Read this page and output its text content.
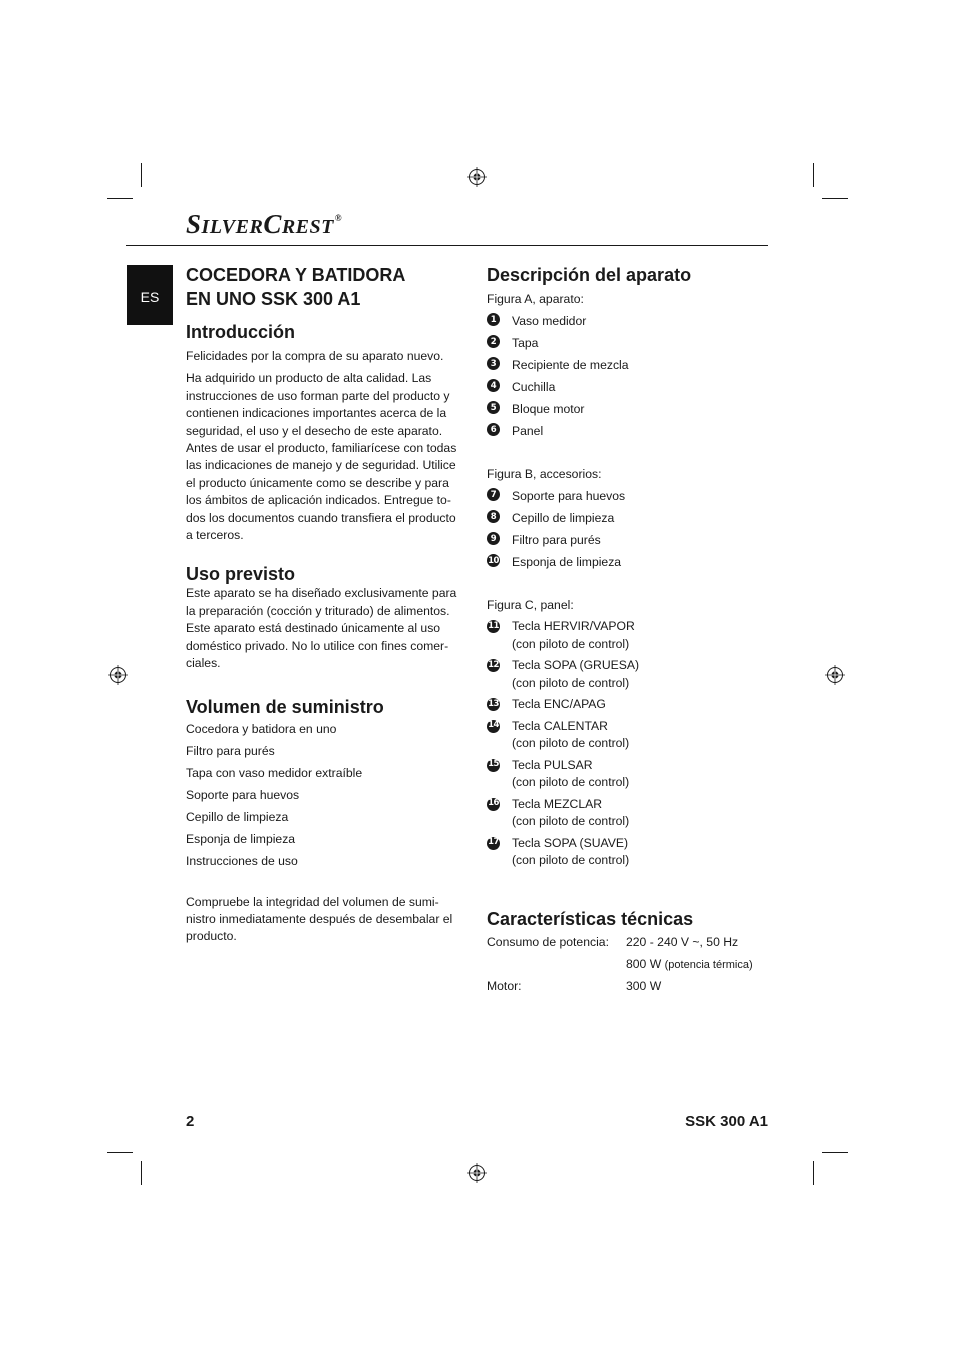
SILVERCREST®
ES
COCEDORA Y BATIDORA
EN UNO SSK 300 A1
Introducción
Felicidades por la compra de su aparato nuevo.
Ha adquirido un producto de alta calidad. Las
instrucciones de uso forman parte del producto y
contienen indicaciones importantes acerca de la
seguridad, el uso y el desecho de este aparato.
Antes de usar el producto, familiarícese con todas
las indicaciones de manejo y de seguridad. Utilice
el producto únicamente como se describe y para
los ámbitos de aplicación indicados. Entregue to-
dos los documentos cuando transfiera el producto
a terceros.
Uso previsto
Este aparato se ha diseñado exclusivamente para
la preparación (cocción y triturado) de alimentos.
Este aparato está destinado únicamente al uso
doméstico privado. No lo utilice con fines comer-
ciales.
Volumen de suministro
Cocedora y batidora en uno
Filtro para purés
Tapa con vaso medidor extraíble
Soporte para huevos
Cepillo de limpieza
Esponja de limpieza
Instrucciones de uso
Compruebe la integridad del volumen de sumi-
nistro inmediatamente después de desembalar el
producto.
Descripción del aparato
Figura A, aparato:
1	Vaso medidor
2	Tapa
3	Recipiente de mezcla
4	Cuchilla
5	Bloque motor
6	Panel
Figura B, accesorios:
7	Soporte para huevos
8	Cepillo de limpieza
9	Filtro para purés
10 Esponja de limpieza
Figura C, panel:
11 Tecla HERVIR/VAPOR
(con piloto de control)
12 Tecla SOPA (GRUESA)
(con piloto de control)
13 Tecla ENC/APAG
14 Tecla CALENTAR
(con piloto de control)
15 Tecla PULSAR
(con piloto de control)
16 Tecla MEZCLAR
(con piloto de control)
17 Tecla SOPA (SUAVE)
(con piloto de control)
Características técnicas
Consumo de potencia: 220 - 240 V ~, 50 Hz
800 W (potencia térmica)
Motor:	300 W
2	SSK 300 A1
